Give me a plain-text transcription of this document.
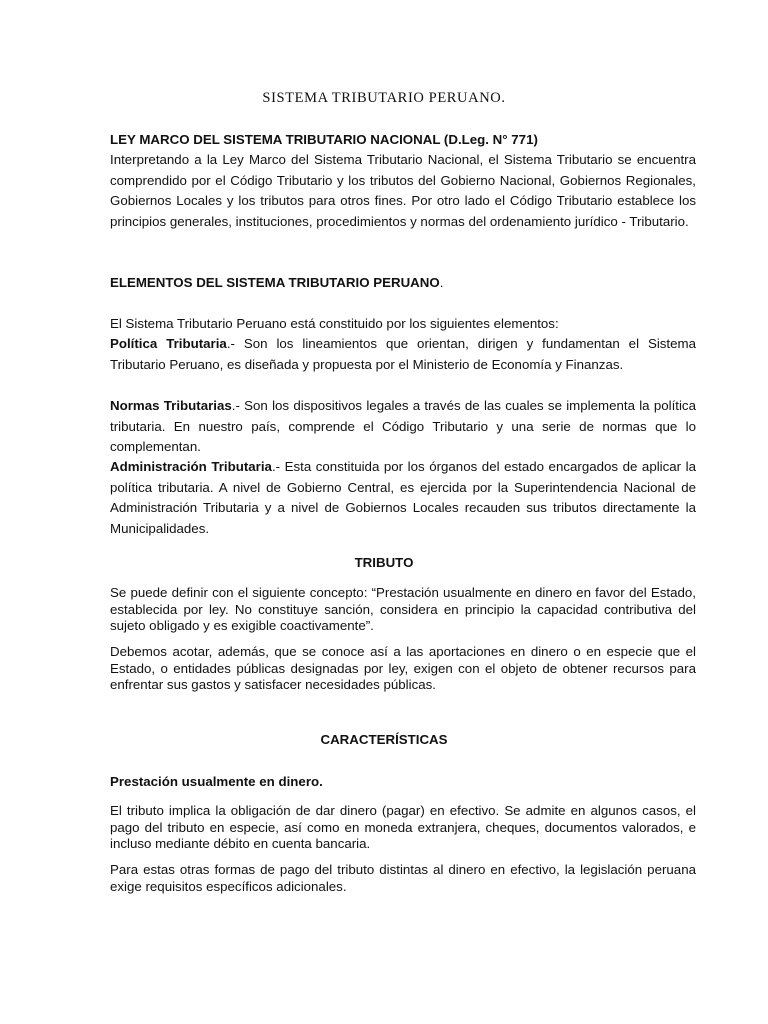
SISTEMA TRIBUTARIO PERUANO.
LEY MARCO DEL SISTEMA TRIBUTARIO NACIONAL (D.Leg. N° 771)
Interpretando a la Ley Marco del Sistema Tributario Nacional, el Sistema Tributario se encuentra comprendido por el Código Tributario y los tributos del Gobierno Nacional, Gobiernos Regionales, Gobiernos Locales y los tributos para otros fines. Por otro lado el Código Tributario establece los principios generales, instituciones, procedimientos y normas del ordenamiento jurídico - Tributario.
ELEMENTOS DEL SISTEMA TRIBUTARIO PERUANO.
El Sistema Tributario Peruano está constituido por los siguientes elementos:
Política Tributaria.- Son los lineamientos que orientan, dirigen y fundamentan el Sistema Tributario Peruano, es diseñada y propuesta por el Ministerio de Economía y Finanzas.
Normas Tributarias.- Son los dispositivos legales a través de las cuales se implementa la política tributaria. En nuestro país, comprende el Código Tributario y una serie de normas que lo complementan.
Administración Tributaria.- Esta constituida por los órganos del estado encargados de aplicar la política tributaria. A nivel de Gobierno Central, es ejercida por la Superintendencia Nacional de Administración Tributaria y a nivel de Gobiernos Locales recauden sus tributos directamente la Municipalidades.
TRIBUTO
Se puede definir con el siguiente concepto: “Prestación usualmente en dinero en favor del Estado, establecida por ley. No constituye sanción, considera en principio la capacidad contributiva del sujeto obligado y es exigible coactivamente”.
Debemos acotar, además, que se conoce así a las aportaciones en dinero o en especie que el Estado, o entidades públicas designadas por ley, exigen con el objeto de obtener recursos para enfrentar sus gastos y satisfacer necesidades públicas.
CARACTERÍSTICAS
Prestación usualmente en dinero.
El tributo implica la obligación de dar dinero (pagar) en efectivo. Se admite en algunos casos, el pago del tributo en especie, así como en moneda extranjera, cheques, documentos valorados, e incluso mediante débito en cuenta bancaria.
Para estas otras formas de pago del tributo distintas al dinero en efectivo, la legislación peruana exige requisitos específicos adicionales.
